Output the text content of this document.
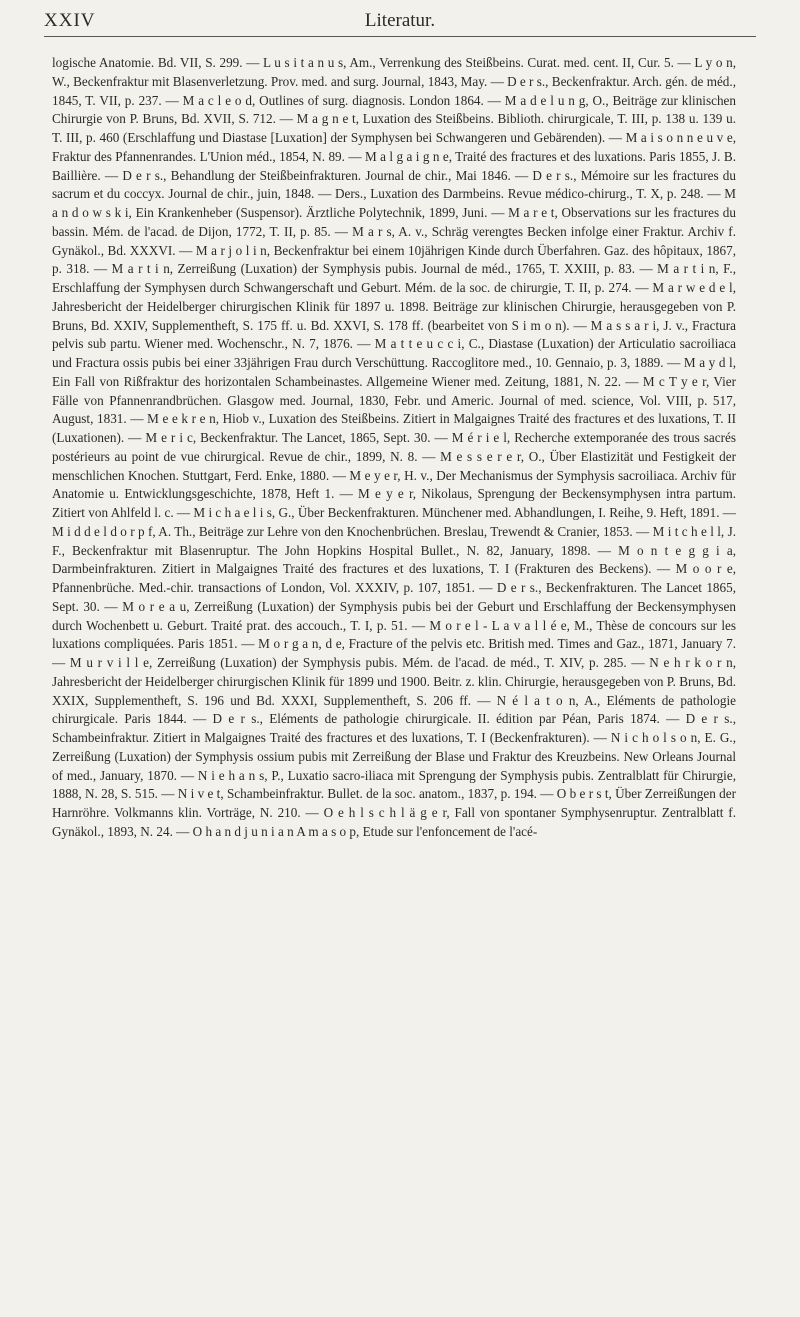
XXIV	Literatur.

logische Anatomie. Bd. VII, S. 299. — L u s i t a n u s, Am., Verrenkung des Steißbeins. Curat. med. cent. II, Cur. 5. — L y o n, W., Beckenfraktur mit Blasenverletzung. Prov. med. and surg. Journal, 1843, May. — D e r s., Beckenfraktur. Arch. gén. de méd., 1845, T. VII, p. 237. — M a c l e o d, Outlines of surg. diagnosis. London 1864. — M a d e l u n g, O., Beiträge zur klinischen Chirurgie von P. Bruns, Bd. XVII, S. 712. — M a g n e t, Luxation des Steißbeins. Biblioth. chirurgicale, T. III, p. 138 u. 139 u. T. III, p. 460 (Erschlaffung und Diastase [Luxation] der Symphysen bei Schwangeren und Gebärenden). — M a i s o n n e u v e, Fraktur des Pfannenrandes. L'Union méd., 1854, N. 89. — M a l g a i g n e, Traité des fractures et des luxations. Paris 1855, J. B. Baillière. — D e r s., Behandlung der Steißbeinfrakturen. Journal de chir., Mai 1846. — D e r s., Mémoire sur les fractures du sacrum et du coccyx. Journal de chir., juin, 1848. — Ders., Luxation des Darmbeins. Revue médico-chirurg., T. X, p. 248. — M a n d o w s k i, Ein Krankenheber (Suspensor). Ärztliche Polytechnik, 1899, Juni. — M a r e t, Observations sur les fractures du bassin. Mém. de l'acad. de Dijon, 1772, T. II, p. 85. — M a r s, A. v., Schräg verengtes Becken infolge einer Fraktur. Archiv f. Gynäkol., Bd. XXXVI. — M a r j o l i n, Beckenfraktur bei einem 10jährigen Kinde durch Überfahren. Gaz. des hôpitaux, 1867, p. 318. — M a r t i n, Zerreißung (Luxation) der Symphysis pubis. Journal de méd., 1765, T. XXIII, p. 83. — M a r t i n, F., Erschlaffung der Symphysen durch Schwangerschaft und Geburt. Mém. de la soc. de chirurgie, T. II, p. 274. — M a r w e d e l, Jahresbericht der Heidelberger chirurgischen Klinik für 1897 u. 1898. Beiträge zur klinischen Chirurgie, herausgegeben von P. Bruns, Bd. XXIV, Supplementheft, S. 175 ff. u. Bd. XXVI, S. 178 ff. (bearbeitet von S i m o n). — M a s s a r i, J. v., Fractura pelvis sub partu. Wiener med. Wochenschr., N. 7, 1876. — M a t t e u c c i, C., Diastase (Luxation) der Articulatio sacroiliaca und Fractura ossis pubis bei einer 33jährigen Frau durch Verschüttung. Raccoglitore med., 10. Gennaio, p. 3, 1889. — M a y d l, Ein Fall von Rißfraktur des horizontalen Schambeinastes. Allgemeine Wiener med. Zeitung, 1881, N. 22. — M c T y e r, Vier Fälle von Pfannenrandbrüchen. Glasgow med. Journal, 1830, Febr. und Americ. Journal of med. science, Vol. VIII, p. 517, August, 1831. — M e e k r e n, Hiob v., Luxation des Steißbeins. Zitiert in Malgaignes Traité des fractures et des luxations, T. II (Luxationen). — M e r i c, Beckenfraktur. The Lancet, 1865, Sept. 30. — M é r i e l, Recherche extemporanée des trous sacrés postérieurs au point de vue chirurgical. Revue de chir., 1899, N. 8. — M e s s e r e r, O., Über Elastizität und Festigkeit der menschlichen Knochen. Stuttgart, Ferd. Enke, 1880. — M e y e r, H. v., Der Mechanismus der Symphysis sacroiliaca. Archiv für Anatomie u. Entwicklungsgeschichte, 1878, Heft 1. — M e y e r, Nikolaus, Sprengung der Beckensymphysen intra partum. Zitiert von Ahlfeld l. c. — M i c h a e l i s, G., Über Beckenfrakturen. Münchener med. Abhandlungen, I. Reihe, 9. Heft, 1891. — M i d d e l d o r p f, A. Th., Beiträge zur Lehre von den Knochenbrüchen. Breslau, Trewendt & Cranier, 1853. — M i t c h e l l, J. F., Beckenfraktur mit Blasenruptur. The John Hopkins Hospital Bullet., N. 82, January, 1898. — M o n t e g g i a, Darmbeinfrakturen. Zitiert in Malgaignes Traité des fractures et des luxations, T. I (Frakturen des Beckens). — M o o r e, Pfannenbrüche. Med.-chir. transactions of London, Vol. XXXIV, p. 107, 1851. — D e r s., Beckenfrakturen. The Lancet 1865, Sept. 30. — M o r e a u, Zerreißung (Luxation) der Symphysis pubis bei der Geburt und Erschlaffung der Beckensymphysen durch Wochenbett u. Geburt. Traité prat. des accouch., T. I, p. 51. — M o r e l - L a v a l l é e, M., Thèse de concours sur les luxations compliquées. Paris 1851. — M o r g a n, d e, Fracture of the pelvis etc. British med. Times and Gaz., 1871, January 7. — M u r v i l l e, Zerreißung (Luxation) der Symphysis pubis. Mém. de l'acad. de méd., T. XIV, p. 285. — N e h r k o r n, Jahresbericht der Heidelberger chirurgischen Klinik für 1899 und 1900. Beitr. z. klin. Chirurgie, herausgegeben von P. Bruns, Bd. XXIX, Supplementheft, S. 196 und Bd. XXXI, Supplementheft, S. 206 ff. — N é l a t o n, A., Eléments de pathologie chirurgicale. Paris 1844. — D e r s., Eléments de pathologie chirurgicale. II. édition par Péan, Paris 1874. — D e r s., Schambeinfraktur. Zitiert in Malgaignes Traité des fractures et des luxations, T. I (Beckenfrakturen). — N i c h o l s o n, E. G., Zerreißung (Luxation) der Symphysis ossium pubis mit Zerreißung der Blase und Fraktur des Kreuzbeins. New Orleans Journal of med., January, 1870. — N i e h a n s, P., Luxatio sacro-iliaca mit Sprengung der Symphysis pubis. Zentralblatt für Chirurgie, 1888, N. 28, S. 515. — N i v e t, Schambeinfraktur. Bullet. de la soc. anatom., 1837, p. 194. — O b e r s t, Über Zerreißungen der Harnröhre. Volkmanns klin. Vorträge, N. 210. — O e h l s c h l ä g e r, Fall von spontaner Symphysenruptur. Zentralblatt f. Gynäkol., 1893, N. 24. — O h a n d j u n i a n A m a s o p, Etude sur l'enfoncement de l'acé-
